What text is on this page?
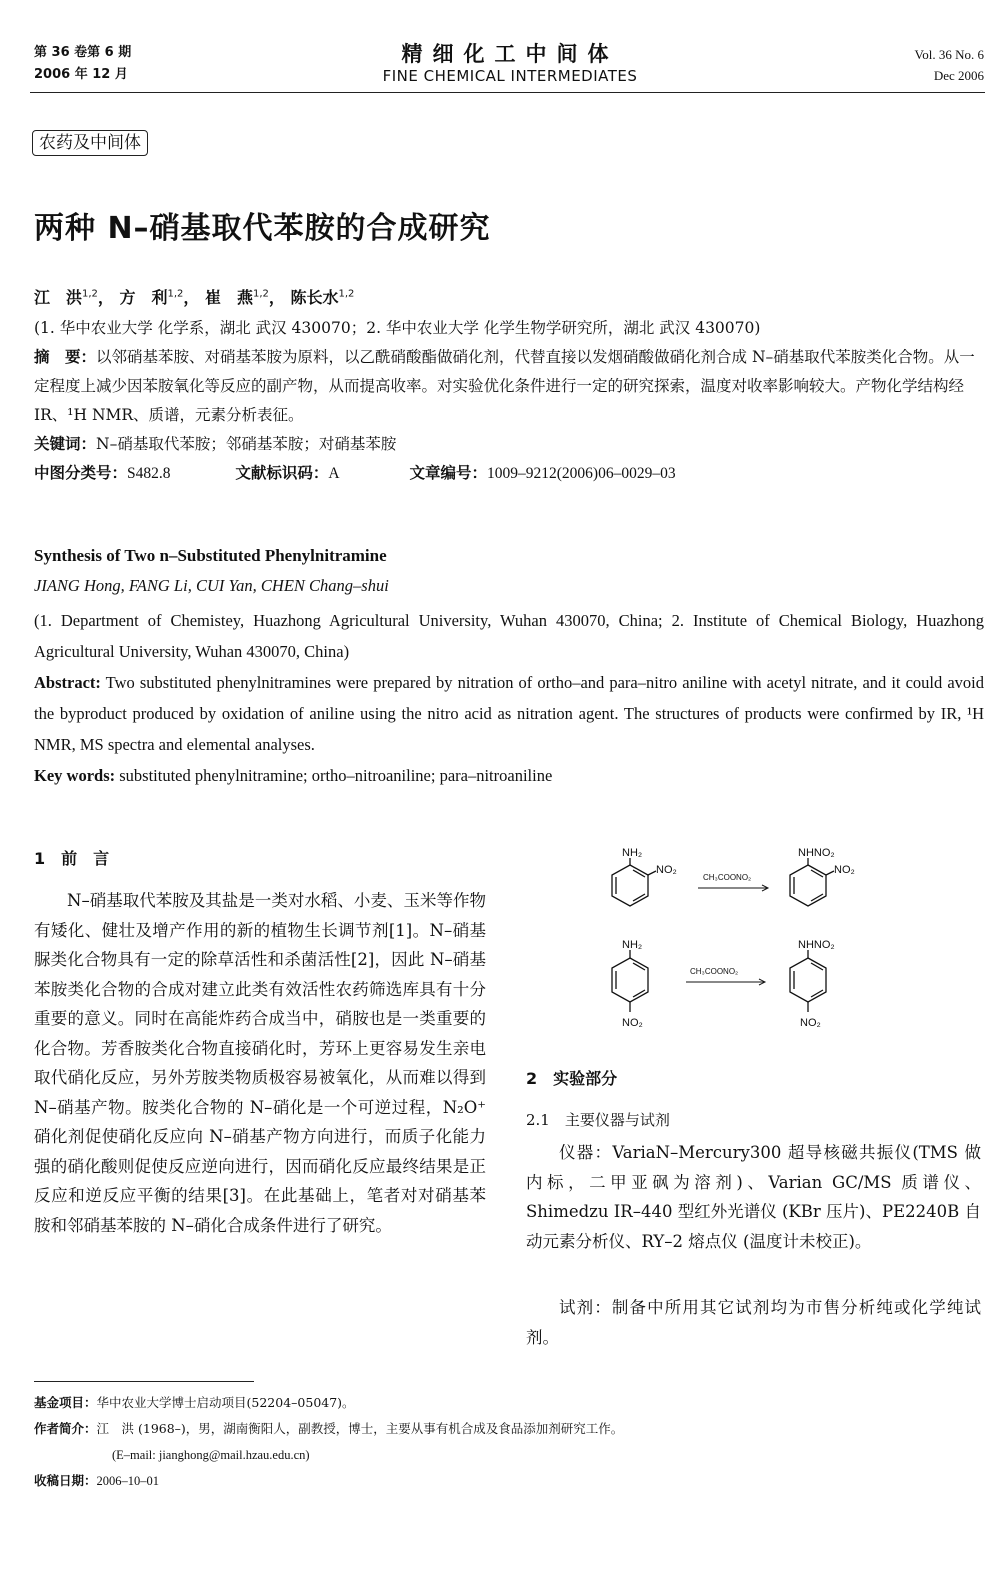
第 36 卷第 6 期
2006 年 12 月
精细化工中间体
FINE CHEMICAL INTERMEDIATES
Vol. 36 No. 6
Dec 2006
农药及中间体
两种 N–硝基取代苯胺的合成研究
江　洪$^{1,2}$， 方　利$^{1,2}$， 崔　燕$^{1,2}$， 陈长水$^{1,2}$
(1. 华中农业大学 化学系，湖北 武汉 430070；2. 华中农业大学 化学生物学研究所，湖北 武汉 430070)
摘　要：以邻硝基苯胺、对硝基苯胺为原料，以乙酰硝酸酯做硝化剂，代替直接以发烟硝酸做硝化剂合成 N–硝基取代苯胺类化合物。从一定程度上减少因苯胺氧化等反应的副产物，从而提高收率。对实验优化条件进行一定的研究探索，温度对收率影响较大。产物化学结构经 IR、¹H NMR、质谱，元素分析表征。
关键词：N–硝基取代苯胺；邻硝基苯胺；对硝基苯胺
中图分类号：S482.8	文献标识码：A	文章编号：1009–9212(2006)06–0029–03
Synthesis of Two n–Substituted Phenylnitramine
JIANG Hong, FANG Li, CUI Yan, CHEN Chang–shui
(1. Department of Chemistey, Huazhong Agricultural University, Wuhan 430070, China; 2. Institute of Chemical Biology, Huazhong Agricultural University, Wuhan 430070, China)
Abstract: Two substituted phenylnitramines were prepared by nitration of ortho–and para–nitro aniline with acetyl nitrate, and it could avoid the byproduct produced by oxidation of aniline using the nitro acid as nitration agent. The structures of products were confirmed by IR, ¹H NMR, MS spectra and elemental analyses.
Key words: substituted phenylnitramine; ortho–nitroaniline; para–nitroaniline
1　前　言
N–硝基取代苯胺及其盐是一类对水稻、小麦、玉米等作物有矮化、健壮及增产作用的新的植物生长调节剂[1]。N–硝基脲类化合物具有一定的除草活性和杀菌活性[2]，因此 N–硝基苯胺类化合物的合成对建立此类有效活性农药筛选库具有十分重要的意义。同时在高能炸药合成当中，硝胺也是一类重要的化合物。芳香胺类化合物直接硝化时，芳环上更容易发生亲电取代硝化反应，另外芳胺类物质极容易被氧化，从而难以得到 N–硝基产物。胺类化合物的 N–硝化是一个可逆过程，N₂O⁺硝化剂促使硝化反应向 N–硝基产物方向进行，而质子化能力强的硝化酸则促使反应逆向进行，因而硝化反应最终结果是正反应和逆反应平衡的结果[3]。在此基础上，笔者对对硝基苯胺和邻硝基苯胺的 N–硝化合成条件进行了研究。
NH₂
NO₂
CH₃COONO₂
NHNO₂
NO₂
NH₂
NO₂
CH₃COONO₂
NHNO₂
NO₂
2　实验部分
2.1　主要仪器与试剂
仪器：VariaN–Mercury300 超导核磁共振仪(TMS 做内标，二甲亚砜为溶剂)、Varian GC/MS 质谱仪、Shimedzu IR–440 型红外光谱仪 (KBr 压片)、PE2240B 自动元素分析仪、RY–2 熔点仪 (温度计未校正)。
试剂：制备中所用其它试剂均为市售分析纯或化学纯试剂。
基金项目：华中农业大学博士启动项目(52204–05047)。
作者简介：江　洪 (1968–)，男，湖南衡阳人，副教授，博士，主要从事有机合成及食品添加剂研究工作。
(E–mail: jianghong@mail.hzau.edu.cn)
收稿日期：2006–10–01
